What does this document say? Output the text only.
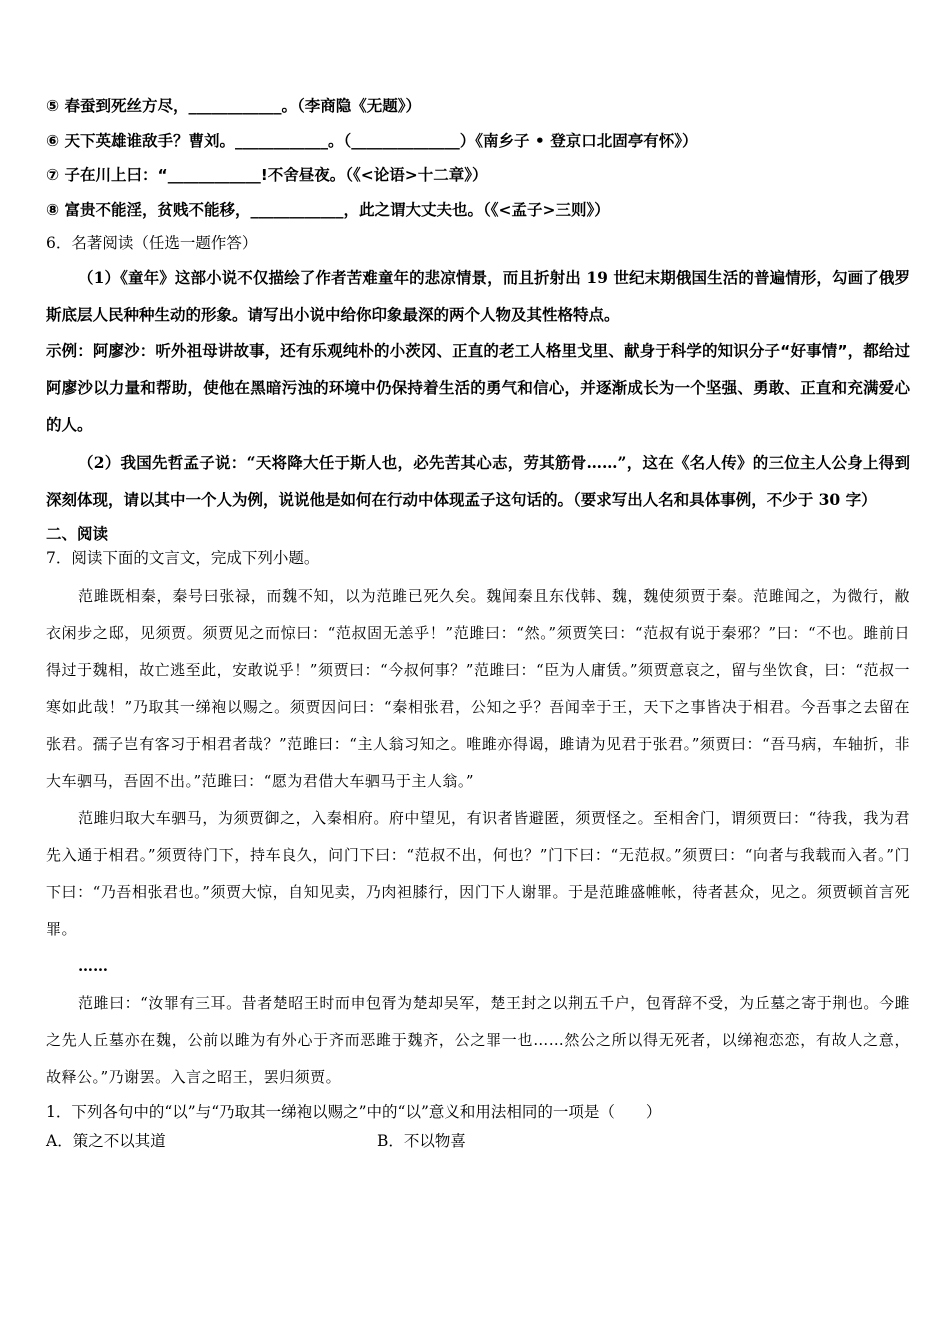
⑤ 春蚕到死丝方尽，____________。（李商隐《无题》）

⑥ 天下英雄谁敌手？曹刘。____________。（______________）《南乡子 • 登京口北固亭有怀》）

⑦ 子在川上曰：“____________!不舍昼夜。（《<论语>十二章》）

⑧ 富贵不能淫，贫贱不能移，____________，此之谓大丈夫也。（《<孟子>三则》）

6．名著阅读（任选一题作答）

（1）《童年》这部小说不仅描绘了作者苦难童年的悲凉情景，而且折射出 19 世纪末期俄国生活的普遍情形，勾画了俄罗斯底层人民种种生动的形象。请写出小说中给你印象最深的两个人物及其性格特点。

示例：阿廖沙：听外祖母讲故事，还有乐观纯朴的小茨冈、正直的老工人格里戈里、献身于科学的知识分子“好事情”，都给过阿廖沙以力量和帮助，使他在黑暗污浊的环境中仍保持着生活的勇气和信心，并逐渐成长为一个坚强、勇敢、正直和充满爱心的人。

（2）我国先哲孟子说：“天将降大任于斯人也，必先苦其心志，劳其筋骨……”，这在《名人传》的三位主人公身上得到深刻体现，请以其中一个人为例，说说他是如何在行动中体现孟子这句话的。（要求写出人名和具体事例，不少于 30 字）

二、阅读

7．阅读下面的文言文，完成下列小题。

范雎既相秦，秦号曰张禄，而魏不知，以为范雎已死久矣。魏闻秦且东伐韩、魏，魏使须贾于秦。范雎闻之，为微行，敝衣闲步之邸，见须贾。须贾见之而惊曰：“范叔固无恙乎！”范雎曰：“然。”须贾笑曰：“范叔有说于秦邪？”曰：“不也。雎前日得过于魏相，故亡逃至此，安敢说乎！”须贾曰：“今叔何事？”范雎曰：“臣为人庸赁。”须贾意哀之，留与坐饮食，曰：“范叔一寒如此哉！”乃取其一绨袍以赐之。须贾因问曰：“秦相张君，公知之乎？吾闻幸于王，天下之事皆决于相君。今吾事之去留在张君。孺子岂有客习于相君者哉？”范雎曰：“主人翁习知之。唯雎亦得谒，雎请为见君于张君。”须贾曰：“吾马病，车轴折，非大车驷马，吾固不出。”范雎曰：“愿为君借大车驷马于主人翁。”

范雎归取大车驷马，为须贾御之，入秦相府。府中望见，有识者皆避匿，须贾怪之。至相舍门，谓须贾曰：“待我，我为君先入通于相君。”须贾待门下，持车良久，问门下曰：“范叔不出，何也？”门下曰：“无范叔。”须贾曰：“向者与我载而入者。”门下曰：“乃吾相张君也。”须贾大惊，自知见卖，乃肉袒膝行，因门下人谢罪。于是范雎盛帷帐，待者甚众，见之。须贾顿首言死罪。

……

范雎曰：“汝罪有三耳。昔者楚昭王时而申包胥为楚却吴军，楚王封之以荆五千户，包胥辞不受，为丘墓之寄于荆也。今雎之先人丘墓亦在魏，公前以雎为有外心于齐而恶雎于魏齐，公之罪一也……然公之所以得无死者，以绨袍恋恋，有故人之意，故释公。”乃谢罢。入言之昭王，罢归须贾。

1．下列各句中的“以”与“乃取其一绨袍以赐之”中的“以”意义和用法相同的一项是（　　）

A．策之不以其道	B．不以物喜
